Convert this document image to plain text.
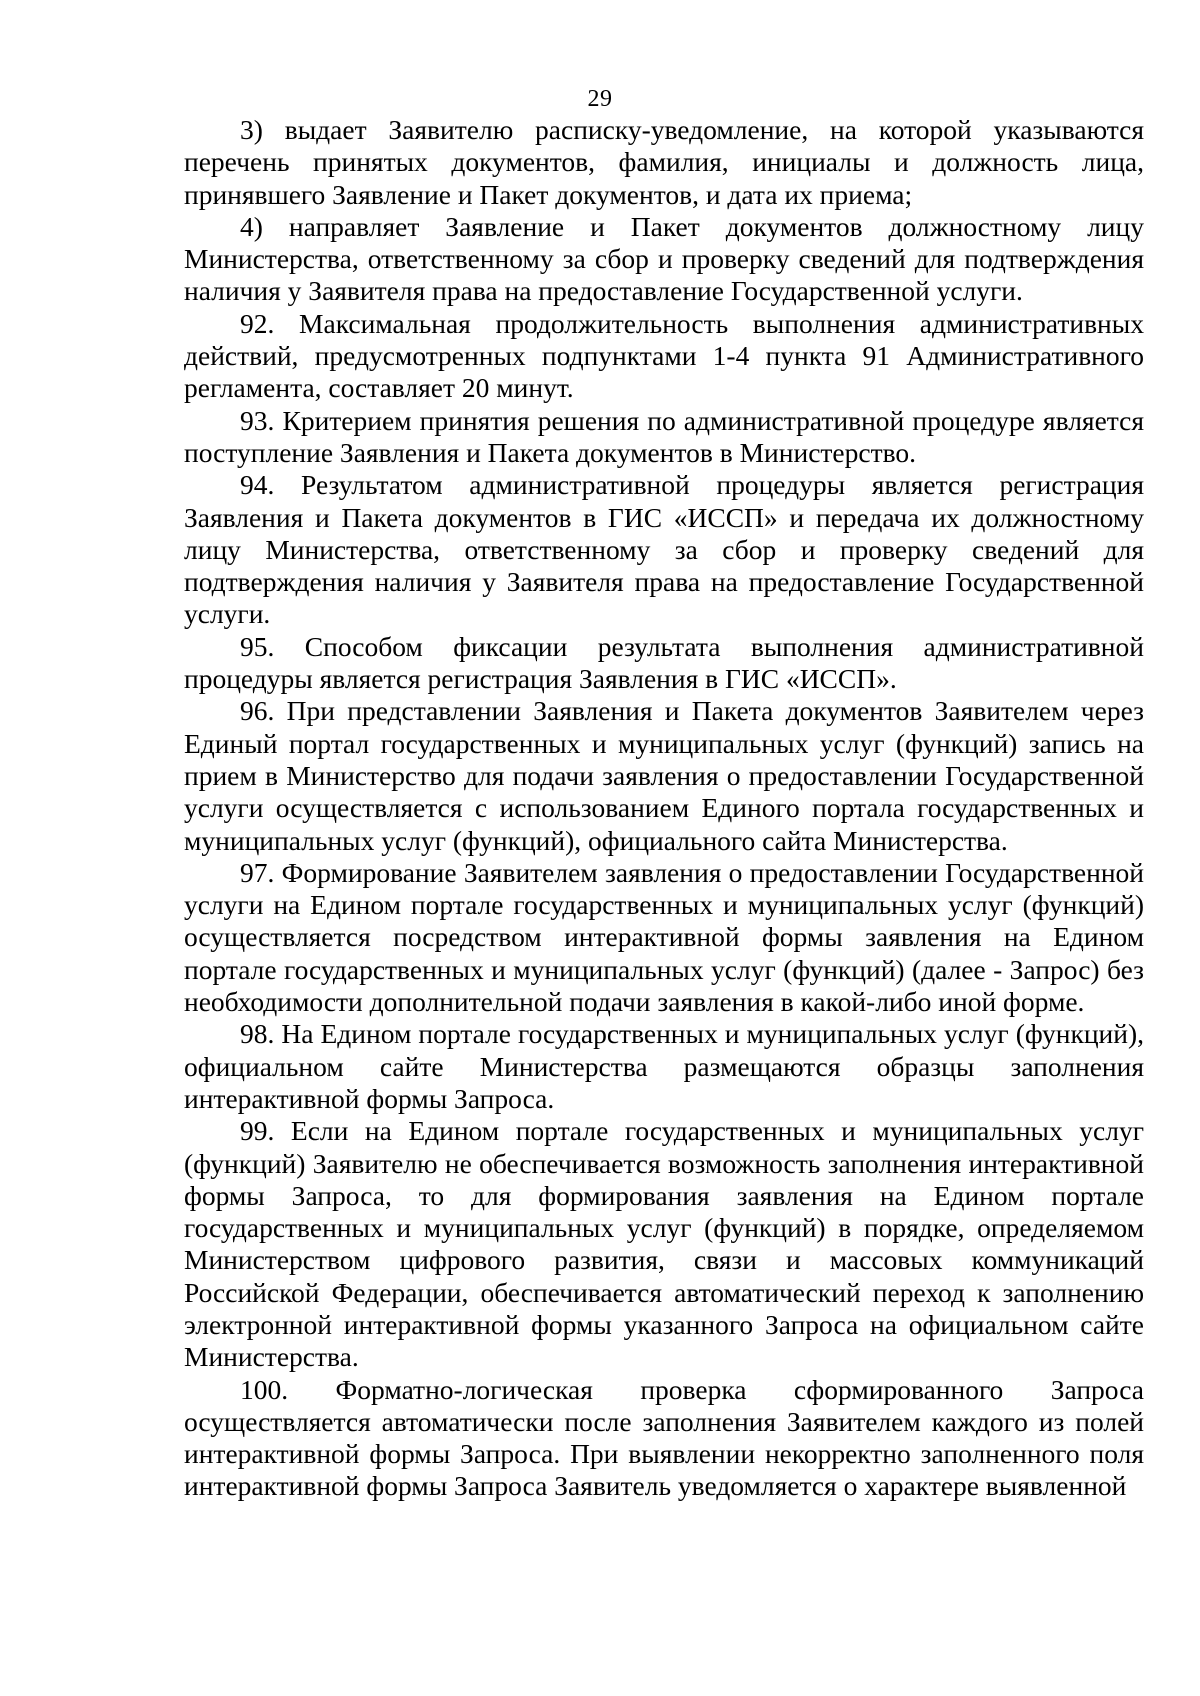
29

3) выдает Заявителю расписку-уведомление, на которой указываются перечень принятых документов, фамилия, инициалы и должность лица, принявшего Заявление и Пакет документов, и дата их приема;

4) направляет Заявление и Пакет документов должностному лицу Министерства, ответственному за сбор и проверку сведений для подтверждения наличия у Заявителя права на предоставление Государственной услуги.

92. Максимальная продолжительность выполнения административных действий, предусмотренных подпунктами 1-4 пункта 91 Административного регламента, составляет 20 минут.

93. Критерием принятия решения по административной процедуре является поступление Заявления и Пакета документов в Министерство.

94. Результатом административной процедуры является регистрация Заявления и Пакета документов в ГИС «ИССП» и передача их должностному лицу Министерства, ответственному за сбор и проверку сведений для подтверждения наличия у Заявителя права на предоставление Государственной услуги.

95. Способом фиксации результата выполнения административной процедуры является регистрация Заявления в ГИС «ИССП».

96. При представлении Заявления и Пакета документов Заявителем через Единый портал государственных и муниципальных услуг (функций) запись на прием в Министерство для подачи заявления о предоставлении Государственной услуги осуществляется с использованием Единого портала государственных и муниципальных услуг (функций), официального сайта Министерства.

97. Формирование Заявителем заявления о предоставлении Государственной услуги на Едином портале государственных и муниципальных услуг (функций) осуществляется посредством интерактивной формы заявления на Едином портале государственных и муниципальных услуг (функций) (далее - Запрос) без необходимости дополнительной подачи заявления в какой-либо иной форме.

98. На Едином портале государственных и муниципальных услуг (функций), официальном сайте Министерства размещаются образцы заполнения интерактивной формы Запроса.

99. Если на Едином портале государственных и муниципальных услуг (функций) Заявителю не обеспечивается возможность заполнения интерактивной формы Запроса, то для формирования заявления на Едином портале государственных и муниципальных услуг (функций) в порядке, определяемом Министерством цифрового развития, связи и массовых коммуникаций Российской Федерации, обеспечивается автоматический переход к заполнению электронной интерактивной формы указанного Запроса на официальном сайте Министерства.

100. Форматно-логическая проверка сформированного Запроса осуществляется автоматически после заполнения Заявителем каждого из полей интерактивной формы Запроса. При выявлении некорректно заполненного поля интерактивной формы Запроса Заявитель уведомляется о характере выявленной
